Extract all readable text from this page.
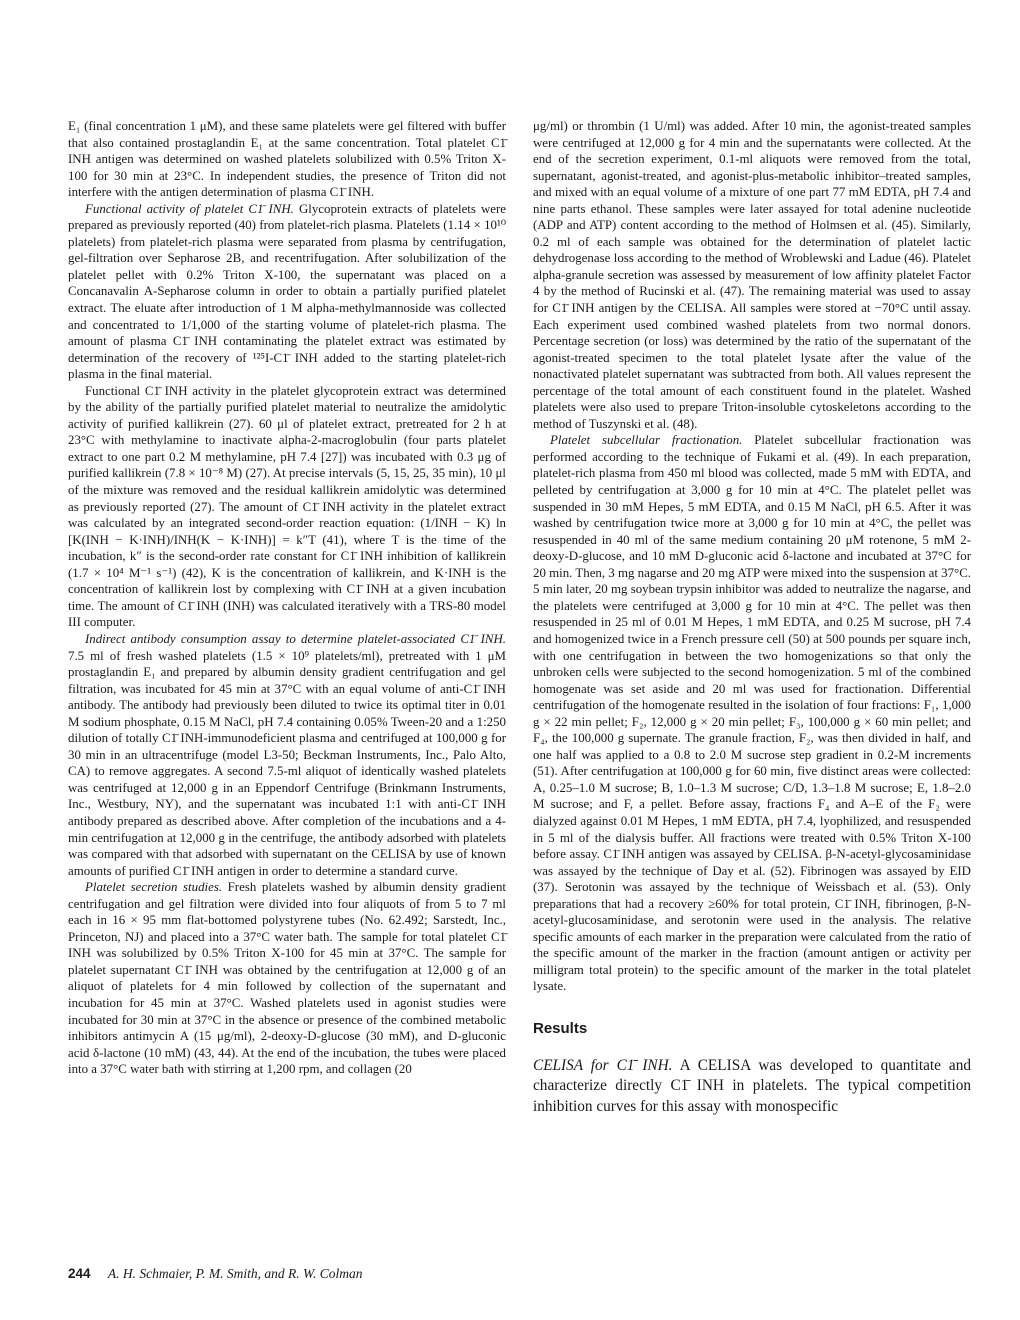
E₁ (final concentration 1 μM), and these same platelets were gel filtered with buffer that also contained prostaglandin E₁ at the same concentration. Total platelet C1̄ INH antigen was determined on washed platelets solubilized with 0.5% Triton X-100 for 30 min at 23°C. In independent studies, the presence of Triton did not interfere with the antigen determination of plasma C1̄ INH.

Functional activity of platelet C1̄ INH. Glycoprotein extracts of platelets were prepared as previously reported (40) from platelet-rich plasma. Platelets (1.14 × 10¹⁰ platelets) from platelet-rich plasma were separated from plasma by centrifugation, gel-filtration over Sepharose 2B, and recentrifugation. After solubilization of the platelet pellet with 0.2% Triton X-100, the supernatant was placed on a Concanavalin A-Sepharose column in order to obtain a partially purified platelet extract. The eluate after introduction of 1 M alpha-methylmannoside was collected and concentrated to 1/1,000 of the starting volume of platelet-rich plasma. The amount of plasma C1̄ INH contaminating the platelet extract was estimated by determination of the recovery of ¹²⁵I-C1̄ INH added to the starting platelet-rich plasma in the final material.

Functional C1̄ INH activity in the platelet glycoprotein extract was determined by the ability of the partially purified platelet material to neutralize the amidolytic activity of purified kallikrein (27). 60 μl of platelet extract, pretreated for 2 h at 23°C with methylamine to inactivate alpha-2-macroglobulin (four parts platelet extract to one part 0.2 M methylamine, pH 7.4 [27]) was incubated with 0.3 μg of purified kallikrein (7.8 × 10⁻⁸ M) (27). At precise intervals (5, 15, 25, 35 min), 10 μl of the mixture was removed and the residual kallikrein amidolytic was determined as previously reported (27). The amount of C1̄ INH activity in the platelet extract was calculated by an integrated second-order reaction equation: (1/INH − K) ln [K(INH − K·INH)/INH(K − K·INH)] = k″T (41), where T is the time of the incubation, k″ is the second-order rate constant for C1̄ INH inhibition of kallikrein (1.7 × 10⁴ M⁻¹ s⁻¹) (42), K is the concentration of kallikrein, and K·INH is the concentration of kallikrein lost by complexing with C1̄ INH at a given incubation time. The amount of C1̄ INH (INH) was calculated iteratively with a TRS-80 model III computer.

Indirect antibody consumption assay to determine platelet-associated C1̄ INH. 7.5 ml of fresh washed platelets (1.5 × 10⁹ platelets/ml), pretreated with 1 μM prostaglandin E₁ and prepared by albumin density gradient centrifugation and gel filtration, was incubated for 45 min at 37°C with an equal volume of anti-C1̄ INH antibody. The antibody had previously been diluted to twice its optimal titer in 0.01 M sodium phosphate, 0.15 M NaCl, pH 7.4 containing 0.05% Tween-20 and a 1:250 dilution of totally C1̄ INH-immunodeficient plasma and centrifuged at 100,000 g for 30 min in an ultracentrifuge (model L3-50; Beckman Instruments, Inc., Palo Alto, CA) to remove aggregates. A second 7.5-ml aliquot of identically washed platelets was centrifuged at 12,000 g in an Eppendorf Centrifuge (Brinkmann Instruments, Inc., Westbury, NY), and the supernatant was incubated 1:1 with anti-C1̄ INH antibody prepared as described above. After completion of the incubations and a 4-min centrifugation at 12,000 g in the centrifuge, the antibody adsorbed with platelets was compared with that adsorbed with supernatant on the CELISA by use of known amounts of purified C1̄ INH antigen in order to determine a standard curve.

Platelet secretion studies. Fresh platelets washed by albumin density gradient centrifugation and gel filtration were divided into four aliquots of from 5 to 7 ml each in 16 × 95 mm flat-bottomed polystyrene tubes (No. 62.492; Sarstedt, Inc., Princeton, NJ) and placed into a 37°C water bath. The sample for total platelet C1̄ INH was solubilized by 0.5% Triton X-100 for 45 min at 37°C. The sample for platelet supernatant C1̄ INH was obtained by the centrifugation at 12,000 g of an aliquot of platelets for 4 min followed by collection of the supernatant and incubation for 45 min at 37°C. Washed platelets used in agonist studies were incubated for 30 min at 37°C in the absence or presence of the combined metabolic inhibitors antimycin A (15 μg/ml), 2-deoxy-D-glucose (30 mM), and D-gluconic acid δ-lactone (10 mM) (43, 44). At the end of the incubation, the tubes were placed into a 37°C water bath with stirring at 1,200 rpm, and collagen (20

μg/ml) or thrombin (1 U/ml) was added. After 10 min, the agonist-treated samples were centrifuged at 12,000 g for 4 min and the supernatants were collected. At the end of the secretion experiment, 0.1-ml aliquots were removed from the total, supernatant, agonist-treated, and agonist-plus-metabolic inhibitor–treated samples, and mixed with an equal volume of a mixture of one part 77 mM EDTA, pH 7.4 and nine parts ethanol. These samples were later assayed for total adenine nucleotide (ADP and ATP) content according to the method of Holmsen et al. (45). Similarly, 0.2 ml of each sample was obtained for the determination of platelet lactic dehydrogenase loss according to the method of Wroblewski and Ladue (46). Platelet alpha-granule secretion was assessed by measurement of low affinity platelet Factor 4 by the method of Rucinski et al. (47). The remaining material was used to assay for C1̄ INH antigen by the CELISA. All samples were stored at −70°C until assay. Each experiment used combined washed platelets from two normal donors. Percentage secretion (or loss) was determined by the ratio of the supernatant of the agonist-treated specimen to the total platelet lysate after the value of the nonactivated platelet supernatant was subtracted from both. All values represent the percentage of the total amount of each constituent found in the platelet. Washed platelets were also used to prepare Triton-insoluble cytoskeletons according to the method of Tuszynski et al. (48).

Platelet subcellular fractionation. Platelet subcellular fractionation was performed according to the technique of Fukami et al. (49). In each preparation, platelet-rich plasma from 450 ml blood was collected, made 5 mM with EDTA, and pelleted by centrifugation at 3,000 g for 10 min at 4°C. The platelet pellet was suspended in 30 mM Hepes, 5 mM EDTA, and 0.15 M NaCl, pH 6.5. After it was washed by centrifugation twice more at 3,000 g for 10 min at 4°C, the pellet was resuspended in 40 ml of the same medium containing 20 μM rotenone, 5 mM 2-deoxy-D-glucose, and 10 mM D-gluconic acid δ-lactone and incubated at 37°C for 20 min. Then, 3 mg nagarse and 20 mg ATP were mixed into the suspension at 37°C. 5 min later, 20 mg soybean trypsin inhibitor was added to neutralize the nagarse, and the platelets were centrifuged at 3,000 g for 10 min at 4°C. The pellet was then resuspended in 25 ml of 0.01 M Hepes, 1 mM EDTA, and 0.25 M sucrose, pH 7.4 and homogenized twice in a French pressure cell (50) at 500 pounds per square inch, with one centrifugation in between the two homogenizations so that only the unbroken cells were subjected to the second homogenization. 5 ml of the combined homogenate was set aside and 20 ml was used for fractionation. Differential centrifugation of the homogenate resulted in the isolation of four fractions: F₁, 1,000 g × 22 min pellet; F₂, 12,000 g × 20 min pellet; F₃, 100,000 g × 60 min pellet; and F₄, the 100,000 g supernate. The granule fraction, F₂, was then divided in half, and one half was applied to a 0.8 to 2.0 M sucrose step gradient in 0.2-M increments (51). After centrifugation at 100,000 g for 60 min, five distinct areas were collected: A, 0.25–1.0 M sucrose; B, 1.0–1.3 M sucrose; C/D, 1.3–1.8 M sucrose; E, 1.8–2.0 M sucrose; and F, a pellet. Before assay, fractions F₄ and A–E of the F₂ were dialyzed against 0.01 M Hepes, 1 mM EDTA, pH 7.4, lyophilized, and resuspended in 5 ml of the dialysis buffer. All fractions were treated with 0.5% Triton X-100 before assay. C1̄ INH antigen was assayed by CELISA. β-N-acetyl-glycosaminidase was assayed by the technique of Day et al. (52). Fibrinogen was assayed by EID (37). Serotonin was assayed by the technique of Weissbach et al. (53). Only preparations that had a recovery ≥60% for total protein, C1̄ INH, fibrinogen, β-N-acetyl-glucosaminidase, and serotonin were used in the analysis. The relative specific amounts of each marker in the preparation were calculated from the ratio of the specific amount of the marker in the fraction (amount antigen or activity per milligram total protein) to the specific amount of the marker in the total platelet lysate.

Results

CELISA for C1̄ INH. A CELISA was developed to quantitate and characterize directly C1̄ INH in platelets. The typical competition inhibition curves for this assay with monospecific

244 A. H. Schmaier, P. M. Smith, and R. W. Colman
